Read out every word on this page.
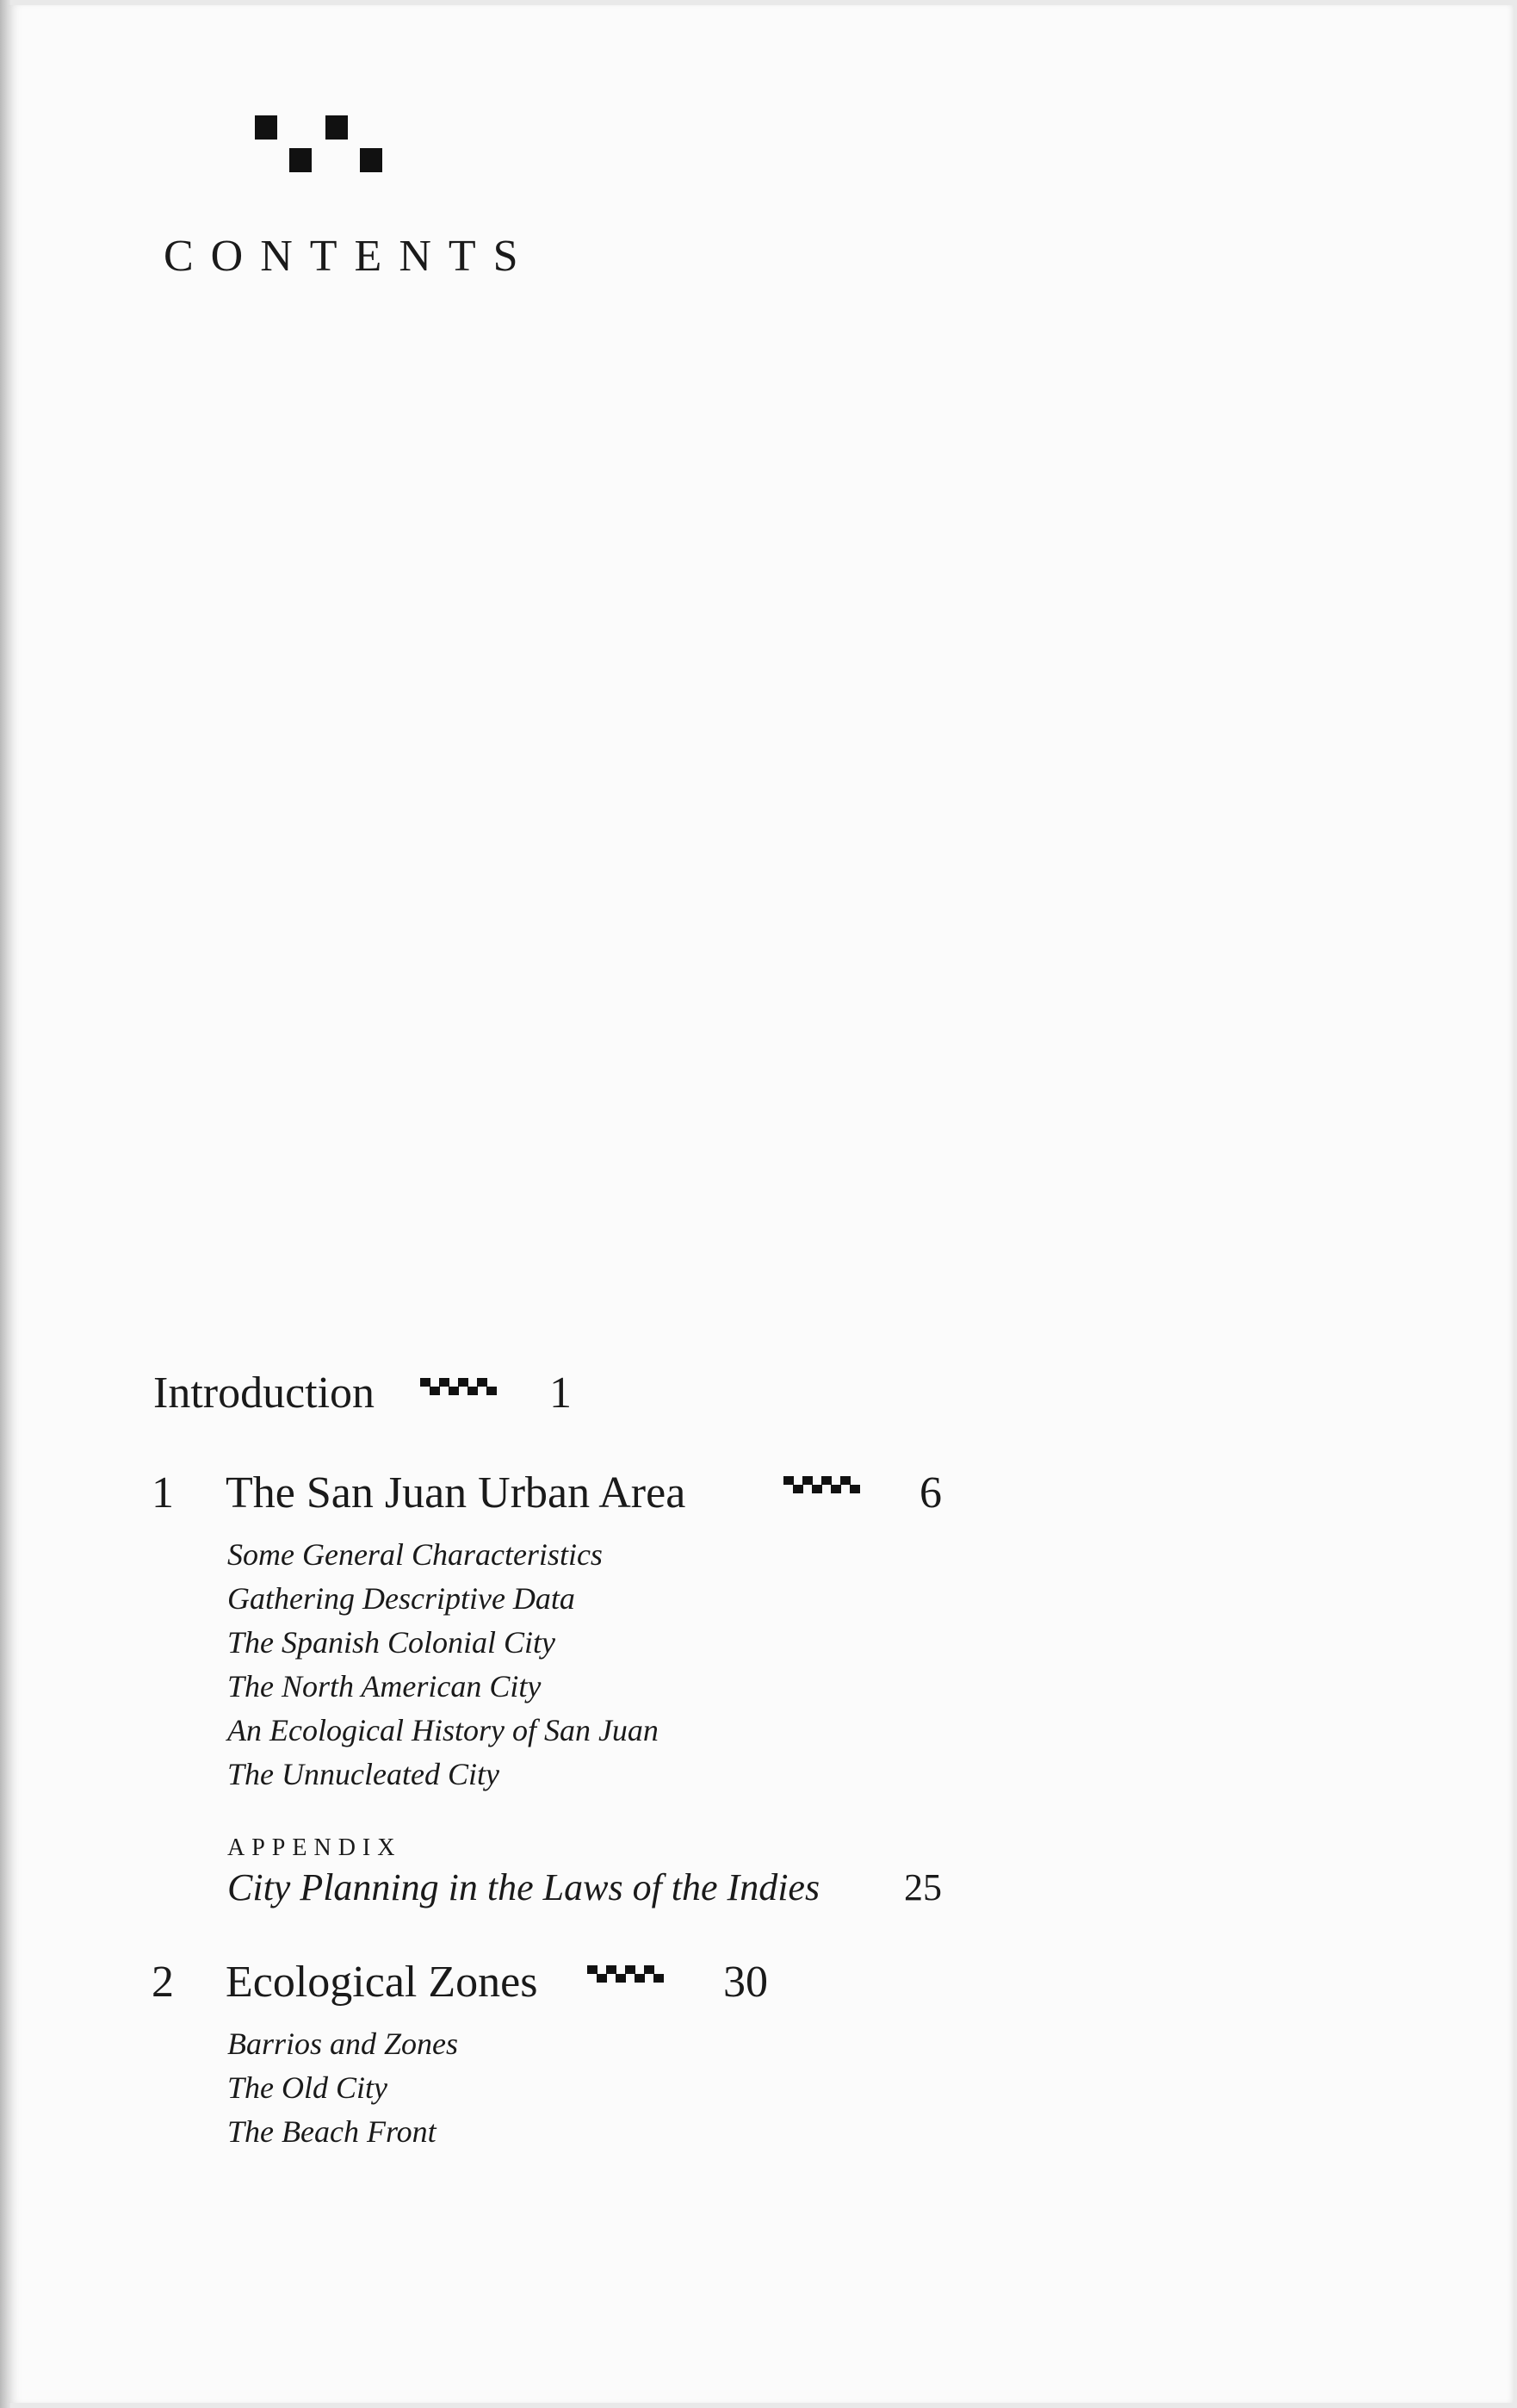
CONTENTS
Introduction	1
1 The San Juan Urban Area	6
Some General Characteristics
Gathering Descriptive Data
The Spanish Colonial City
The North American City
An Ecological History of San Juan
The Unnucleated City
APPENDIX
City Planning in the Laws of the Indies 25
2 Ecological Zones	30
Barrios and Zones
The Old City
The Beach Front
